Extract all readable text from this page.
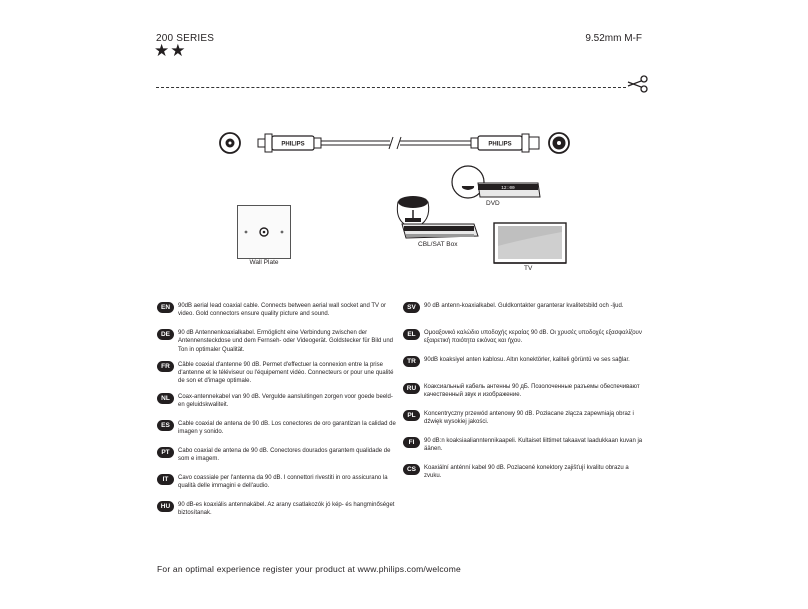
200 SERIES
★★
9.52mm M-F
PHILIPS	PHILIPS
Wall Plate
12:00
DVD
CBL/SAT Box
TV
EN	90dB aerial lead coaxial cable. Connects between aerial wall socket and TV or video. Gold connectors ensure quality picture and sound.
DE	90 dB Antennenkoaxialkabel. Ermöglicht eine Verbindung zwischen der Antennensteckdose und dem Fernseh- oder Videogerät. Goldstecker für Bild und Ton in optimaler Qualität.
FR	Câble coaxial d'antenne 90 dB. Permet d'effectuer la connexion entre la prise d'antenne et le téléviseur ou l'équipement vidéo. Connecteurs or pour une qualité de son et d'image optimale.
NL	Coax-antennekabel van 90 dB. Vergulde aansluitingen zorgen voor goede beeld- en geluidskwaliteit.
ES	Cable coaxial de antena de 90 dB. Los conectores de oro garantizan la calidad de imagen y sonido.
PT	Cabo coaxial de antena de 90 dB. Conectores dourados garantem qualidade de som e imagem.
IT	Cavo coassiale per l'antenna da 90 dB. I connettori rivestiti in oro assicurano la qualità delle immagini e dell'audio.
HU	90 dB-es koaxiális antennakábel. Az arany csatlakozók jó kép- és hangminőséget biztosítanak.
SV	90 dB antenn-koaxialkabel. Guldkontakter garanterar kvalitetsbild och -ljud.
EL	Ομοαξονικό καλώδιο υποδοχής κεραίας 90 dB. Οι χρυσές υποδοχές εξασφαλίζουν εξαιρετική ποιότητα εικόνας και ήχου.
TR	90dB koaksiyel anten kablosu. Altın konektörler, kaliteli görüntü ve ses sağlar.
RU	Коаксиальный кабель антенны 90 дБ. Позолоченные разъемы обеспечивают качественный звук и изображение.
PL	Koncentryczny przewód antenowy 90 dB. Pozłacane złącza zapewniają obraz i dźwięk wysokiej jakości.
FI	90 dB:n koaksiaalianntennikaapeli. Kultaiset liittimet takaavat laadukkaan kuvan ja äänen.
CS	Koaxiální anténní kabel 90 dB. Pozlacené konektory zajišťují kvalitu obrazu a zvuku.
For an optimal experience register your product at www.philips.com/welcome
